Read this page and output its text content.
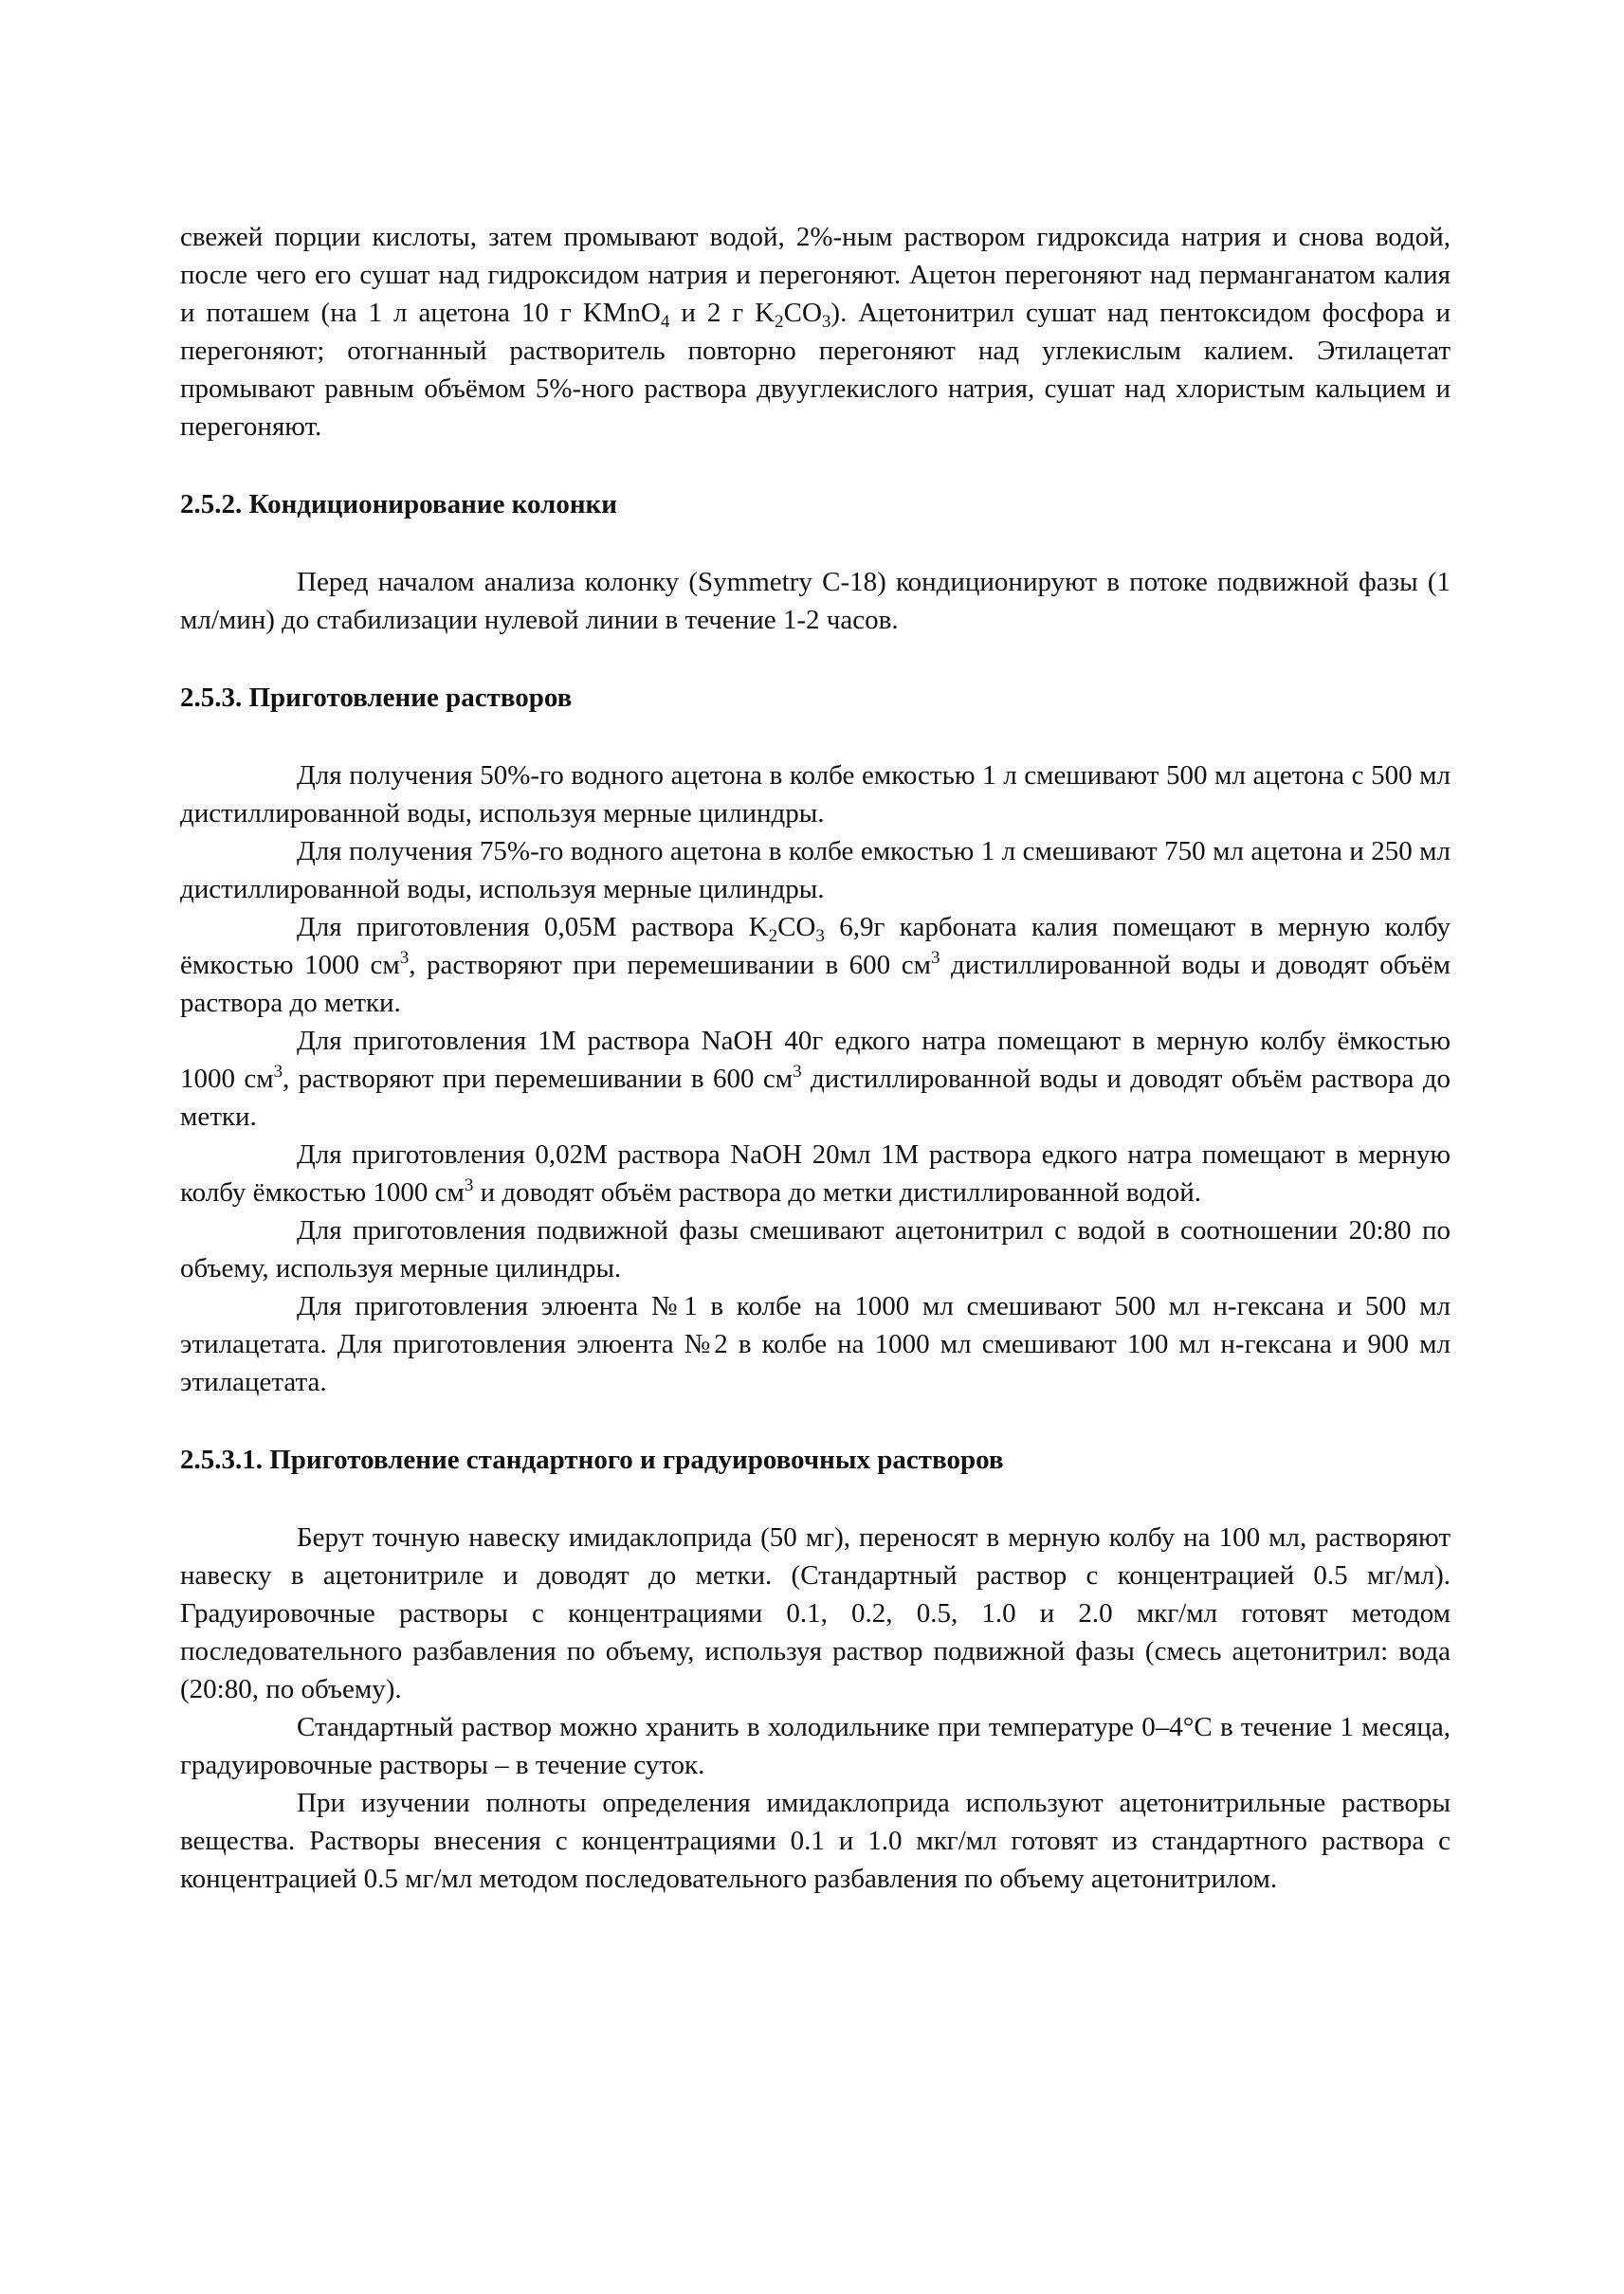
свежей порции кислоты, затем промывают водой, 2%-ным раствором гидроксида натрия и снова водой, после чего его сушат над гидроксидом натрия и перегоняют. Ацетон перегоняют над перманганатом калия и поташем (на 1 л ацетона 10 г KMnO$_4$ и 2 г $K_2CO_3$). Ацетонитрил сушат над пентоксидом фосфора и перегоняют; отогнанный растворитель повторно перегоняют над углекислым калием. Этилацетат промывают равным объёмом 5%-ного раствора двууглекислого натрия, сушат над хлористым кальцием и перегоняют.

2.5.2. Кондиционирование колонки

Перед началом анализа колонку (Symmetry С-18) кондиционируют в потоке подвижной фазы (1 мл/мин) до стабилизации нулевой линии в течение 1-2 часов.

2.5.3. Приготовление растворов

Для получения 50%-го водного ацетона в колбе емкостью 1 л смешивают 500 мл ацетона с 500 мл дистиллированной воды, используя мерные цилиндры.

Для получения 75%-го водного ацетона в колбе емкостью 1 л смешивают 750 мл ацетона и 250 мл дистиллированной воды, используя мерные цилиндры.

Для приготовления 0,05М раствора $K_2CO_3$ 6,9г карбоната калия помещают в мерную колбу ёмкостью 1000 $см^3$, растворяют при перемешивании в 600 $см^3$ дистиллированной воды и доводят объём раствора до метки.

Для приготовления 1М раствора NaOH 40г едкого натра помещают в мерную колбу ёмкостью 1000 $см^3$, растворяют при перемешивании в 600 $см^3$ дистиллированной воды и доводят объём раствора до метки.

Для приготовления 0,02М раствора NaOH 20мл 1М раствора едкого натра помещают в мерную колбу ёмкостью 1000 $см^3$ и доводят объём раствора до метки дистиллированной водой.

Для приготовления подвижной фазы смешивают ацетонитрил с водой в соотношении 20:80 по объему, используя мерные цилиндры.

Для приготовления элюента №1 в колбе на 1000 мл смешивают 500 мл н-гексана и 500 мл этилацетата. Для приготовления элюента №2 в колбе на 1000 мл смешивают 100 мл н-гексана и 900 мл этилацетата.

2.5.3.1. Приготовление стандартного и градуировочных растворов

Берут точную навеску имидаклоприда (50 мг), переносят в мерную колбу на 100 мл, растворяют навеску в ацетонитриле и доводят до метки. (Стандартный раствор с концентрацией 0.5 мг/мл). Градуировочные растворы с концентрациями 0.1, 0.2, 0.5, 1.0 и 2.0 мкг/мл готовят методом последовательного разбавления по объему, используя раствор подвижной фазы (смесь ацетонитрил: вода (20:80, по объему).

Стандартный раствор можно хранить в холодильнике при температуре 0–4°С в течение 1 месяца, градуировочные растворы – в течение суток.

При изучении полноты определения имидаклоприда используют ацетонитрильные растворы вещества. Растворы внесения с концентрациями 0.1 и 1.0 мкг/мл готовят из стандартного раствора с концентрацией 0.5 мг/мл методом последовательного разбавления по объему ацетонитрилом.
